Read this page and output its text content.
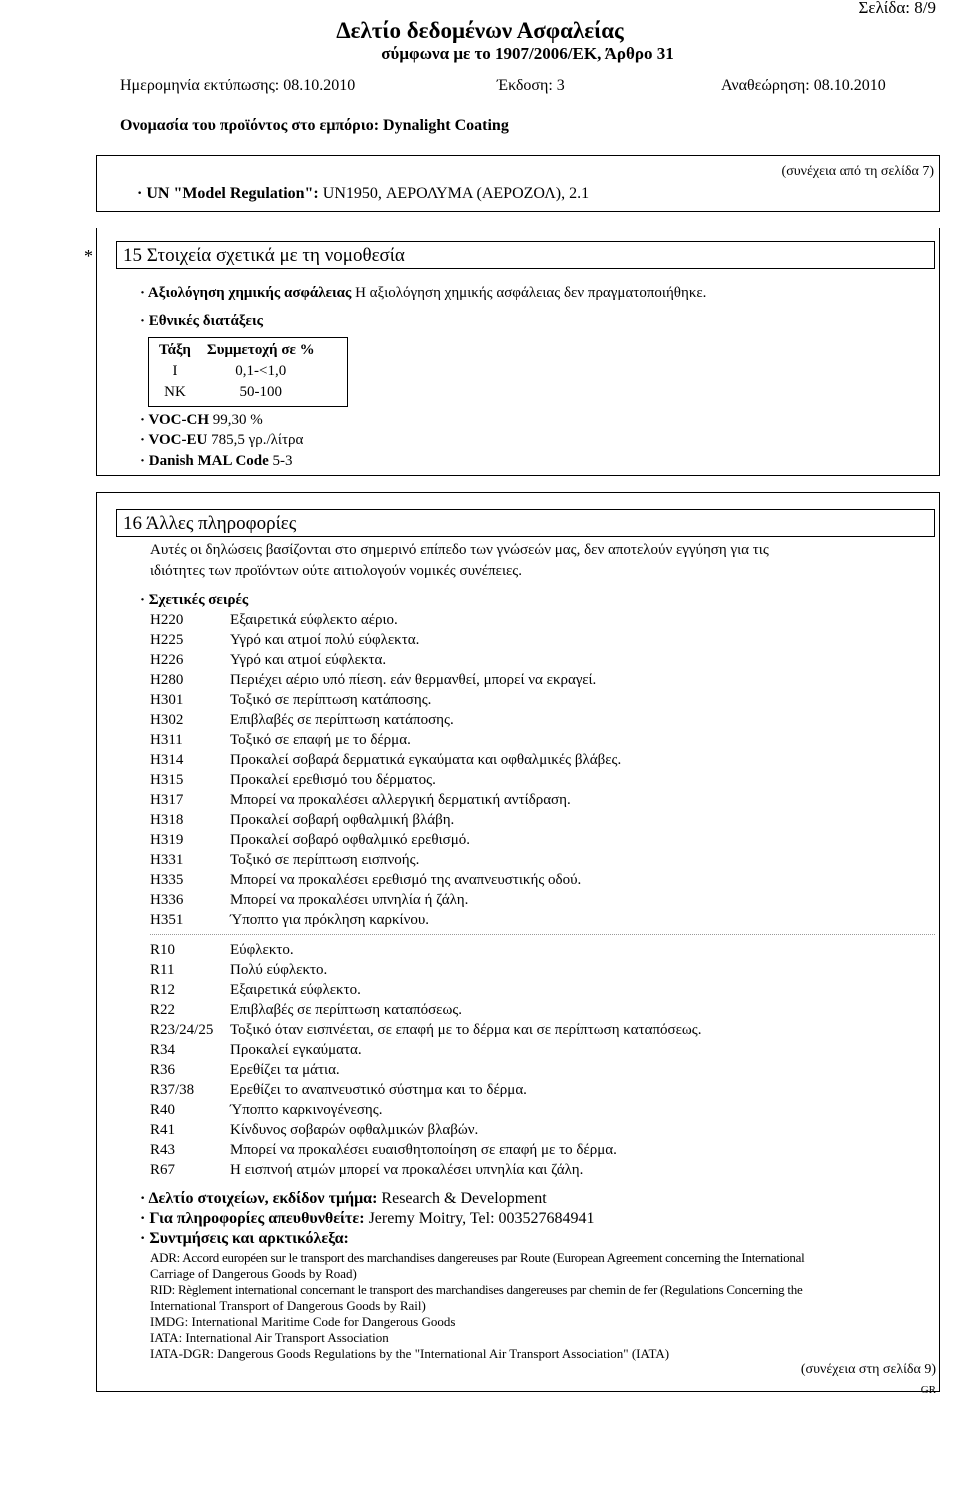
Σελίδα: 8/9
Δελτίο δεδομένων Ασφαλείας
σύμφωνα με το 1907/2006/ΕΚ, Άρθρο 31
Ημερομηνία εκτύπωσης: 08.10.2010	Έκδοση: 3	Αναθεώρηση: 08.10.2010
Ονομασία του προϊόντος στο εμπόριο: Dynalight Coating
(συνέχεια από τη σελίδα 7)
· UN "Model Regulation": UN1950, ΑΕΡΟΛΥΜΑ (ΑΕΡΟΖΟΛ), 2.1
*	15 Στοιχεία σχετικά με τη νομοθεσία
· Αξιολόγηση χημικής ασφάλειας Η αξιολόγηση χημικής ασφάλειας δεν πραγματοποιήθηκε.
· Εθνικές διατάξεις
Τάξη	Συμμετοχή σε %
I	0,1-<1,0
NK	50-100
· VOC-CH 99,30 %
· VOC-EU 785,5 γρ./λίτρα
· Danish MAL Code 5-3
16 Άλλες πληροφορίες
Αυτές οι δηλώσεις βασίζονται στο σημερινό επίπεδο των γνώσεών μας, δεν αποτελούν εγγύηση για τις
ιδιότητες των προϊόντων ούτε αιτιολογούν νομικές συνέπειες.
· Σχετικές σειρές
H220	Εξαιρετικά εύφλεκτο αέριο.
H225	Υγρό και ατμοί πολύ εύφλεκτα.
H226	Υγρό και ατμοί εύφλεκτα.
H280	Περιέχει αέριο υπό πίεση. εάν θερμανθεί, μπορεί να εκραγεί.
H301	Τοξικό σε περίπτωση κατάποσης.
H302	Επιβλαβές σε περίπτωση κατάποσης.
H311	Τοξικό σε επαφή με το δέρμα.
H314	Προκαλεί σοβαρά δερματικά εγκαύματα και οφθαλμικές βλάβες.
H315	Προκαλεί ερεθισμό του δέρματος.
H317	Μπορεί να προκαλέσει αλλεργική δερματική αντίδραση.
H318	Προκαλεί σοβαρή οφθαλμική βλάβη.
H319	Προκαλεί σοβαρό οφθαλμικό ερεθισμό.
H331	Τοξικό σε περίπτωση εισπνοής.
H335	Μπορεί να προκαλέσει ερεθισμό της αναπνευστικής οδού.
H336	Μπορεί να προκαλέσει υπνηλία ή ζάλη.
H351	Ύποπτο για πρόκληση καρκίνου.
R10	Εύφλεκτο.
R11	Πολύ εύφλεκτο.
R12	Εξαιρετικά εύφλεκτο.
R22	Επιβλαβές σε περίπτωση καταπόσεως.
R23/24/25 Τοξικό όταν εισπνέεται, σε επαφή με το δέρμα και σε περίπτωση καταπόσεως.
R34	Προκαλεί εγκαύματα.
R36	Ερεθίζει τα μάτια.
R37/38 Ερεθίζει το αναπνευστικό σύστημα και το δέρμα.
R40	Ύποπτο καρκινογένεσης.
R41	Κίνδυνος σοβαρών οφθαλμικών βλαβών.
R43	Μπορεί να προκαλέσει ευαισθητοποίηση σε επαφή με το δέρμα.
R67	Η εισπνοή ατμών μπορεί να προκαλέσει υπνηλία και ζάλη.
· Δελτίο στοιχείων, εκδίδον τμήμα: Research & Development
· Για πληροφορίες απευθυνθείτε: Jeremy Moitry, Tel: 003527684941
· Συντμήσεις και αρκτικόλεξα:
ADR: Accord européen sur le transport des marchandises dangereuses par Route (European Agreement concerning the International
Carriage of Dangerous Goods by Road)
RID: Règlement international concernant le transport des marchandises dangereuses par chemin de fer (Regulations Concerning the
International Transport of Dangerous Goods by Rail)
IMDG: International Maritime Code for Dangerous Goods
IATA: International Air Transport Association
IATA-DGR: Dangerous Goods Regulations by the "International Air Transport Association" (IATA)
(συνέχεια στη σελίδα 9)
GR
